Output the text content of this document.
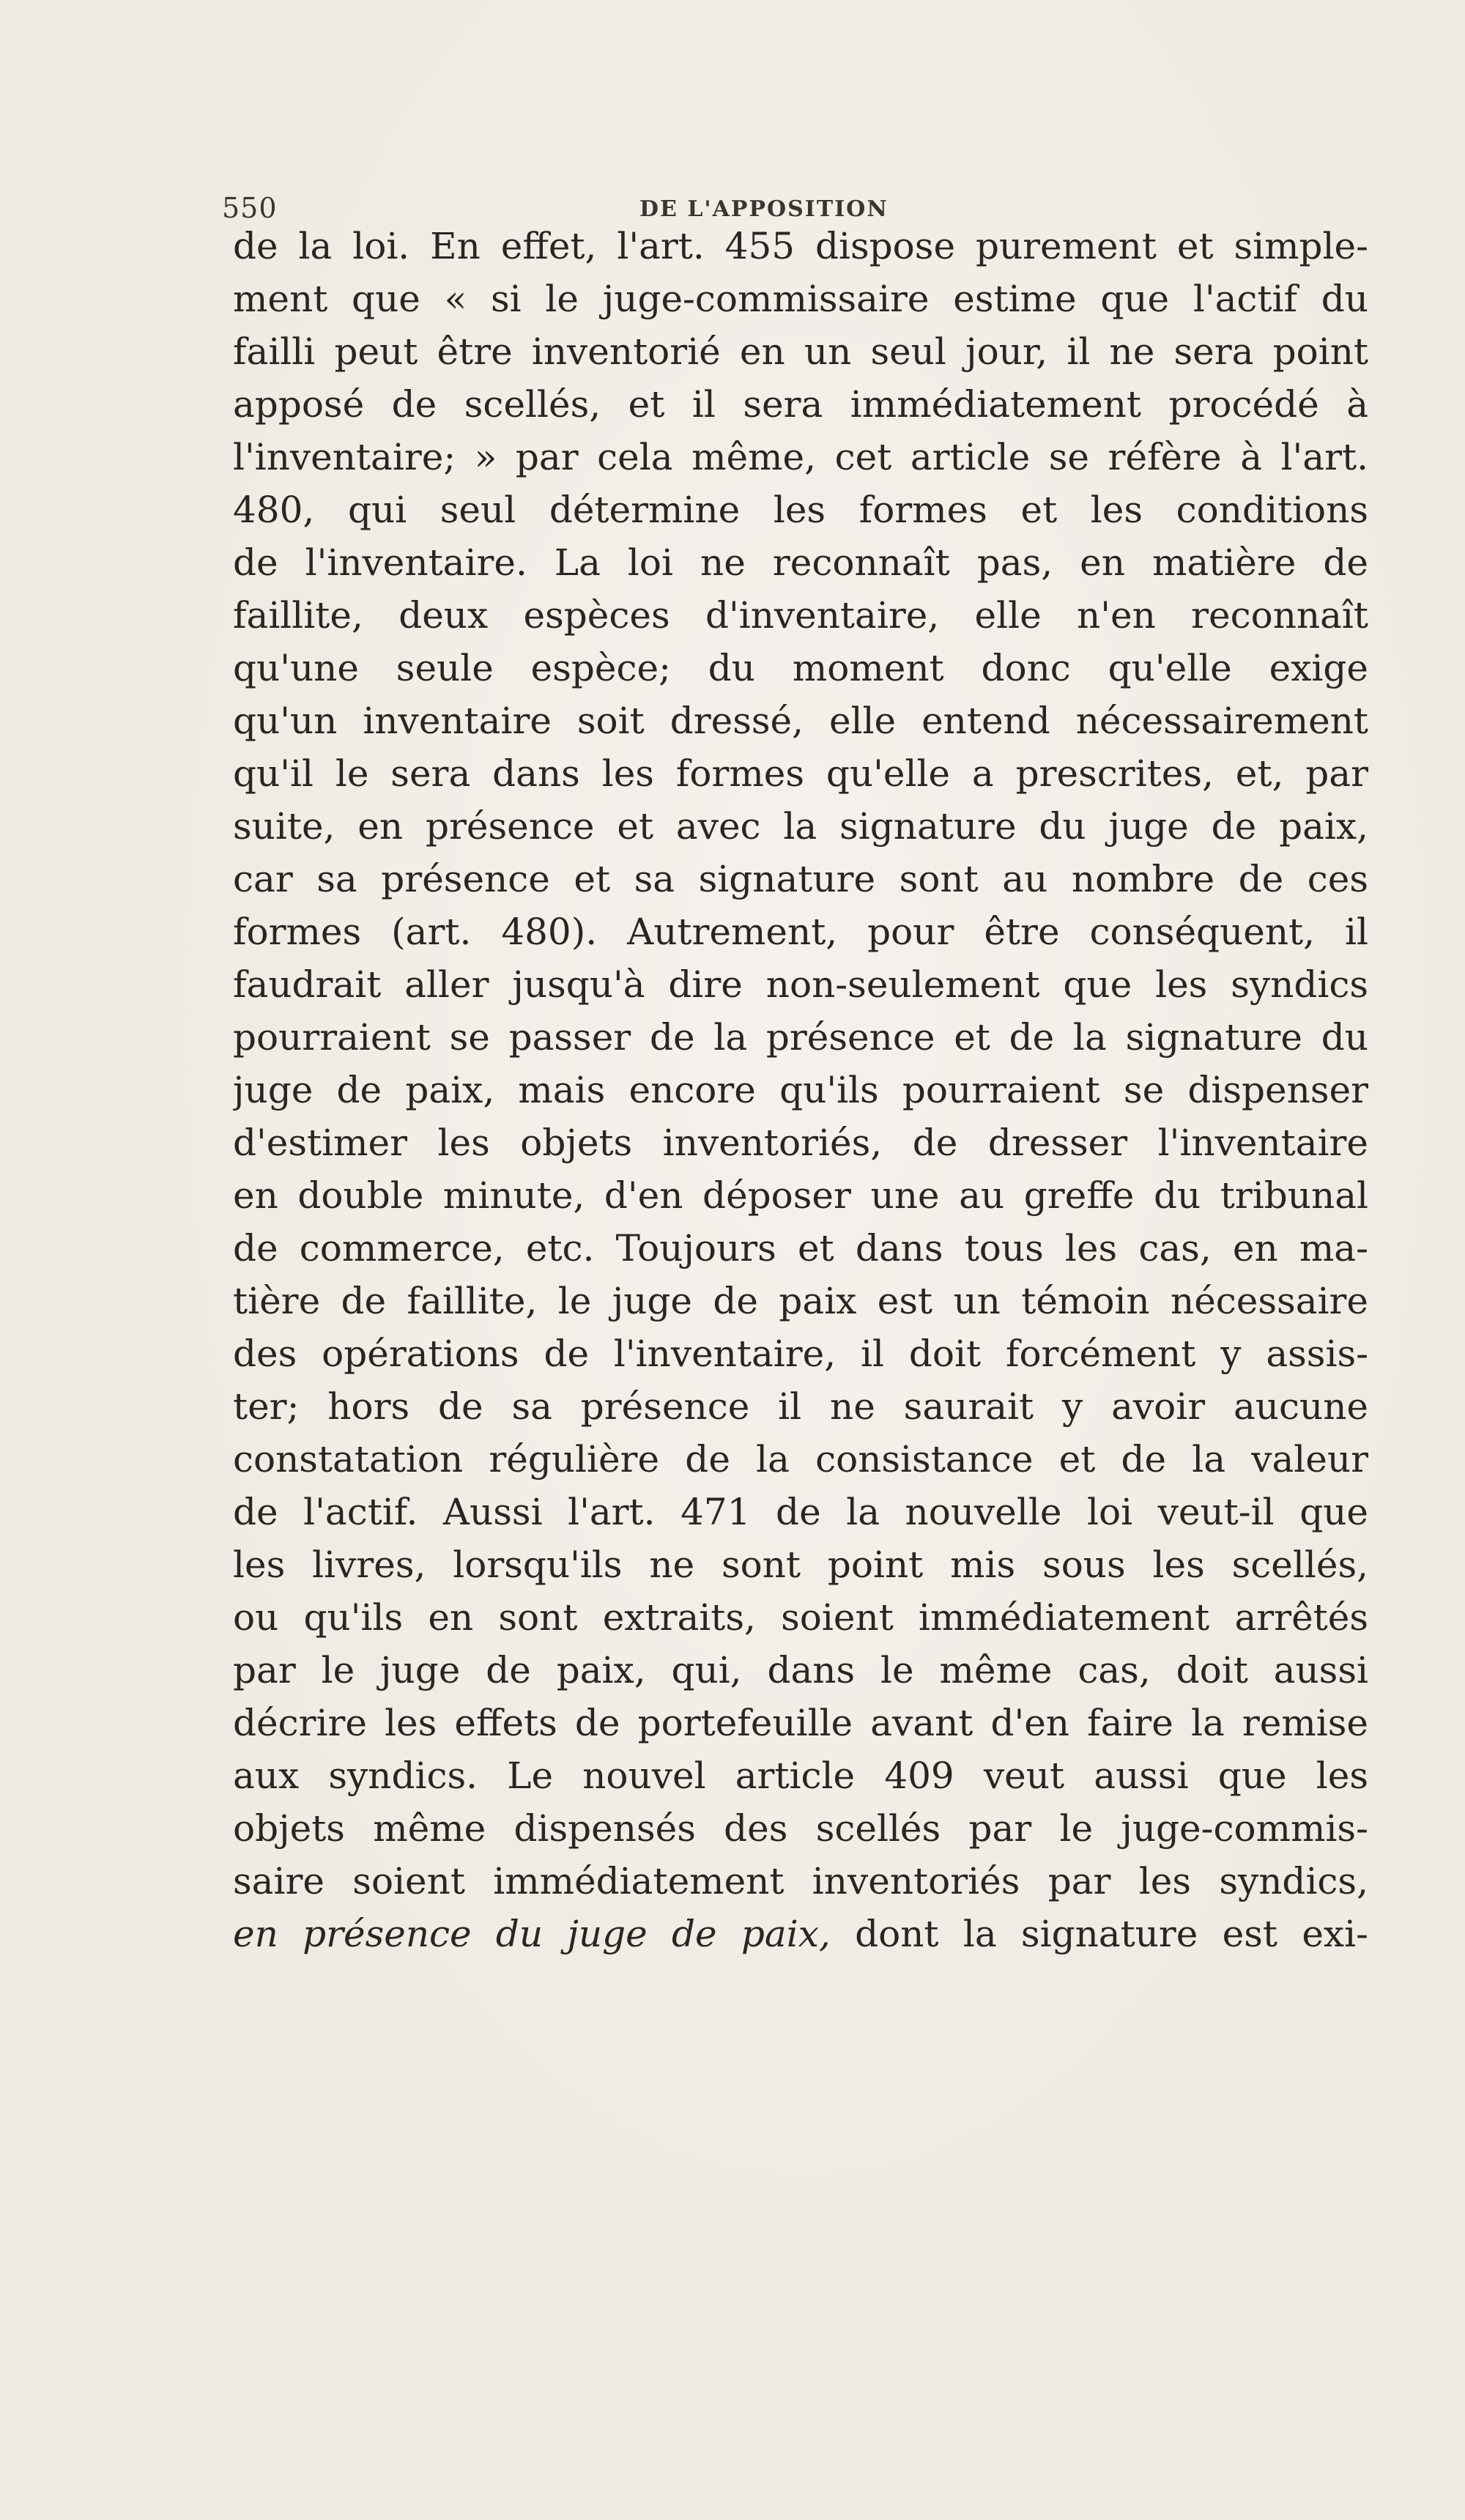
550	DE L'APPOSITION
de la loi. En effet, l'art. 455 dispose purement et simple-
ment que « si le juge-commissaire estime que l'actif du
failli peut être inventorié en un seul jour, il ne sera point
apposé de scellés, et il sera immédiatement procédé à
l'inventaire; » par cela même, cet article se réfère à l'art.
480, qui seul détermine les formes et les conditions
de l'inventaire. La loi ne reconnaît pas, en matière de
faillite, deux espèces d'inventaire, elle n'en reconnaît
qu'une seule espèce; du moment donc qu'elle exige
qu'un inventaire soit dressé, elle entend nécessairement
qu'il le sera dans les formes qu'elle a prescrites, et, par
suite, en présence et avec la signature du juge de paix,
car sa présence et sa signature sont au nombre de ces
formes (art. 480). Autrement, pour être conséquent, il
faudrait aller jusqu'à dire non-seulement que les syndics
pourraient se passer de la présence et de la signature du
juge de paix, mais encore qu'ils pourraient se dispenser
d'estimer les objets inventoriés, de dresser l'inventaire
en double minute, d'en déposer une au greffe du tribunal
de commerce, etc. Toujours et dans tous les cas, en ma-
tière de faillite, le juge de paix est un témoin nécessaire
des opérations de l'inventaire, il doit forcément y assis-
ter; hors de sa présence il ne saurait y avoir aucune
constatation régulière de la consistance et de la valeur
de l'actif. Aussi l'art. 471 de la nouvelle loi veut-il que
les livres, lorsqu'ils ne sont point mis sous les scellés,
ou qu'ils en sont extraits, soient immédiatement arrêtés
par le juge de paix, qui, dans le même cas, doit aussi
décrire les effets de portefeuille avant d'en faire la remise
aux syndics. Le nouvel article 409 veut aussi que les
objets même dispensés des scellés par le juge-commis-
saire soient immédiatement inventoriés par les syndics,
en présence du juge de paix, dont la signature est exi-
